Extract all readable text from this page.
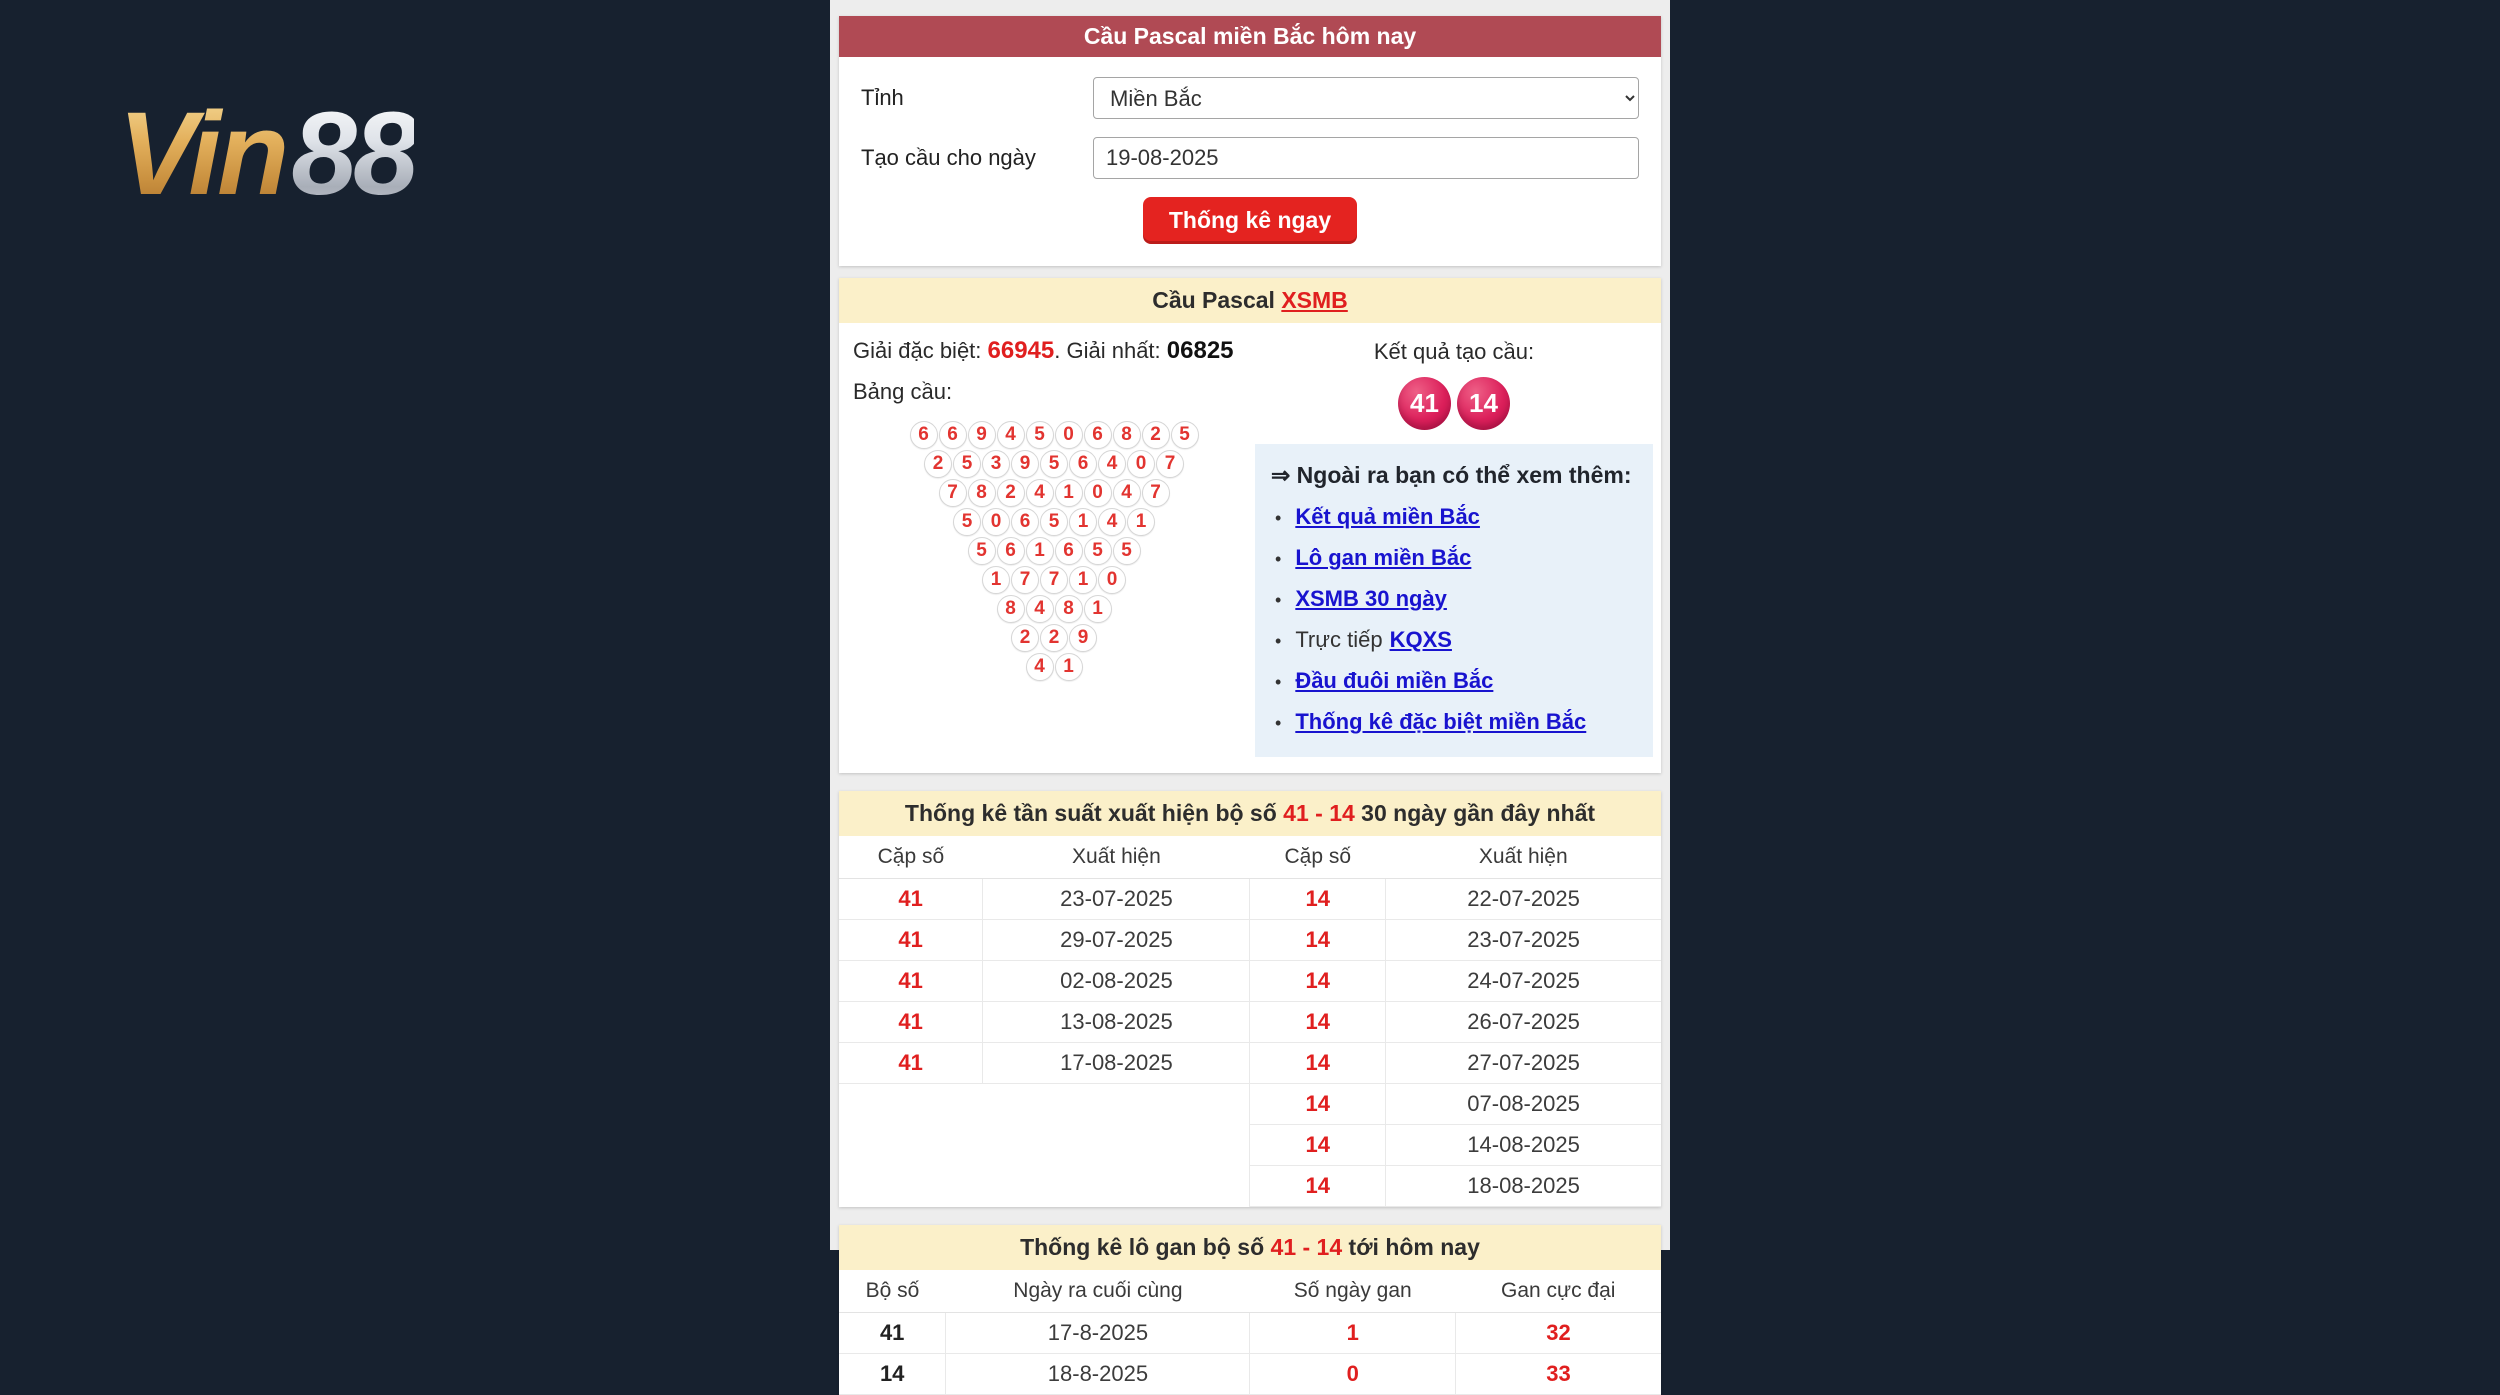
Vin88
Cầu Pascal miền Bắc hôm nay
Tỉnh
Miền Bắc
Tạo cầu cho ngày
19-08-2025
Thống kê ngay
Cầu Pascal XSMB
Giải đặc biệt: 66945. Giải nhất: 06825
Bảng cầu:
6 6 9 4 5 0 6 8 2 5
2 5 3 9 5 6 4 0 7
7 8 2 4 1 0 4 7
5 0 6 5 1 4 1
5 6 1 6 5 5
1 7 7 1 0
8 4 8 1
2 2 9
4 1
Kết quả tạo cầu:
41	14
⇒ Ngoài ra bạn có thể xem thêm:
• Kết quả miền Bắc
• Lô gan miền Bắc
• XSMB 30 ngày
• Trực tiếp KQXS
• Đầu đuôi miền Bắc
• Thống kê đặc biệt miền Bắc
Thống kê tần suất xuất hiện bộ số 41 - 14 30 ngày gần đây nhất
Cặp số	Xuất hiện	Cặp số	Xuất hiện
41	23-07-2025	14	22-07-2025
41	29-07-2025	14	23-07-2025
41	02-08-2025	14	24-07-2025
41	13-08-2025	14	26-07-2025
41	17-08-2025	14	27-07-2025
		14	07-08-2025
		14	14-08-2025
		14	18-08-2025
Thống kê lô gan bộ số 41 - 14 tới hôm nay
Bộ số	Ngày ra cuối cùng	Số ngày gan	Gan cực đại
41	17-8-2025	1	32
14	18-8-2025	0	33
